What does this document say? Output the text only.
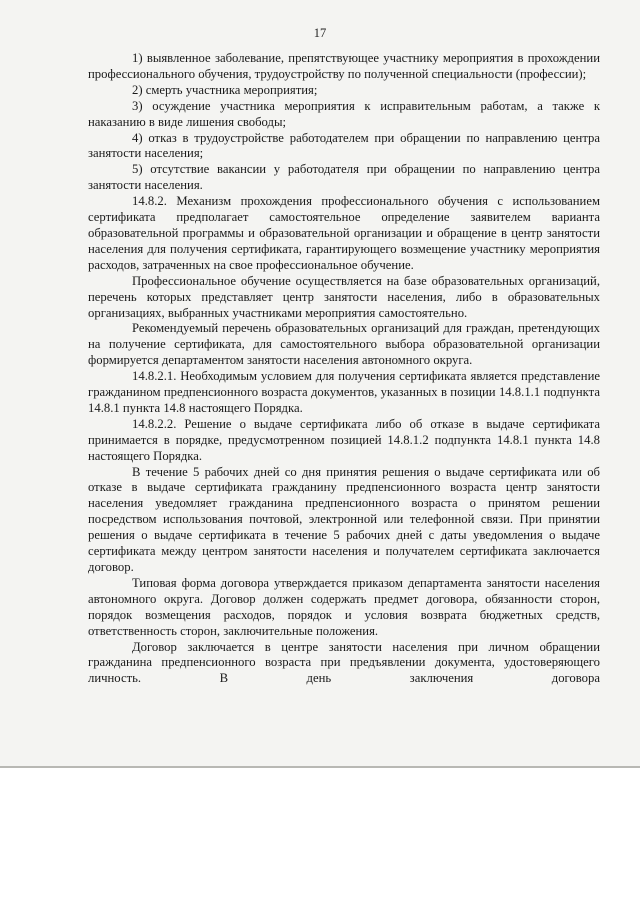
17

1) выявленное заболевание, препятствующее участнику мероприятия в прохождении профессионального обучения, трудоустройству по полученной специальности (профессии);

2) смерть участника мероприятия;

3) осуждение участника мероприятия к исправительным работам, а также к наказанию в виде лишения свободы;

4) отказ в трудоустройстве работодателем при обращении по направлению центра занятости населения;

5) отсутствие вакансии у работодателя при обращении по направлению центра занятости населения.

14.8.2. Механизм прохождения профессионального обучения с использованием сертификата предполагает самостоятельное определение заявителем варианта образовательной программы и образовательной организации и обращение в центр занятости населения для получения сертификата, гарантирующего возмещение участнику мероприятия расходов, затраченных на свое профессиональное обучение.

Профессиональное обучение осуществляется на базе образовательных организаций, перечень которых представляет центр занятости населения, либо в образовательных организациях, выбранных участниками мероприятия самостоятельно.

Рекомендуемый перечень образовательных организаций для граждан, претендующих на получение сертификата, для самостоятельного выбора образовательной организации формируется департаментом занятости населения автономного округа.

14.8.2.1. Необходимым условием для получения сертификата является представление гражданином предпенсионного возраста документов, указанных в позиции 14.8.1.1 подпункта 14.8.1 пункта 14.8 настоящего Порядка.

14.8.2.2. Решение о выдаче сертификата либо об отказе в выдаче сертификата принимается в порядке, предусмотренном позицией 14.8.1.2 подпункта 14.8.1 пункта 14.8 настоящего Порядка.

В течение 5 рабочих дней со дня принятия решения о выдаче сертификата или об отказе в выдаче сертификата гражданину предпенсионного возраста центр занятости населения уведомляет гражданина предпенсионного возраста о принятом решении посредством использования почтовой, электронной или телефонной связи. При принятии решения о выдаче сертификата в течение 5 рабочих дней с даты уведомления о выдаче сертификата между центром занятости населения и получателем сертификата заключается договор.

Типовая форма договора утверждается приказом департамента занятости населения автономного округа. Договор должен содержать предмет договора, обязанности сторон, порядок возмещения расходов, порядок и условия возврата бюджетных средств, ответственность сторон, заключительные положения.

Договор заключается в центре занятости населения при личном обращении гражданина предпенсионного возраста при предъявлении документа, удостоверяющего личность. В день заключения договора
